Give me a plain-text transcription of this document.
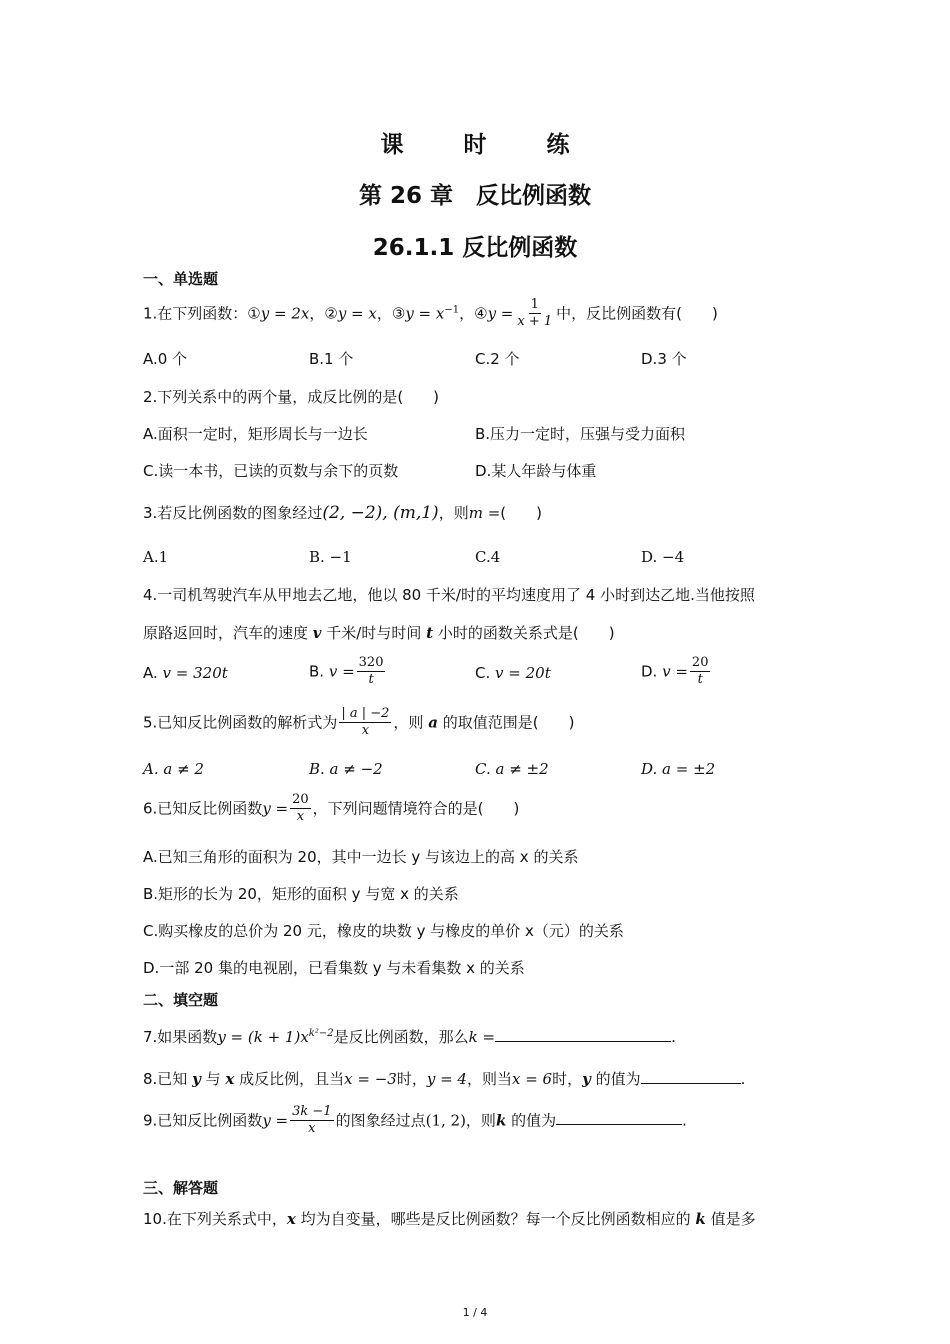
课 时 练
第 26 章　反比例函数
26.1.1 反比例函数
一、单选题
1.在下列函数：①y = 2x，②y = x，③y = $x^{-1}$，④y = $\frac{1}{x + 1}$ 中，反比例函数有(　　)
A.0 个	B.1 个	C.2 个	D.3 个
2.下列关系中的两个量，成反比例的是(　　)
A.面积一定时，矩形周长与一边长	B.压力一定时，压强与受力面积
C.读一本书，已读的页数与余下的页数	D.某人年龄与体重
3.若反比例函数的图象经过(2, −2), (m,1)，则m =(　　)
A.1	B. −1	C.4	D. −4
4.一司机驾驶汽车从甲地去乙地，他以 80 千米/时的平均速度用了 4 小时到达乙地.当他按照
原路返回时，汽车的速度 v 千米/时与时间 t 小时的函数关系式是(　　)
A. v = 320t	B. $v = \frac{320}{t}$	C. v = 20t	D. $v = \frac{20}{t}$
5.已知反比例函数的解析式为 $\frac{| a | -2}{x}$ ，则 a 的取值范围是(　　)
A. a ≠ 2	B. a ≠ −2	C. a ≠ ±2	D. a = ±2
6.已知反比例函数$y = \frac{20}{x}$ ，下列问题情境符合的是(　　)
A.已知三角形的面积为 20，其中一边长 y 与该边上的高 x 的关系
B.矩形的长为 20，矩形的面积 y 与宽 x 的关系
C.购买橡皮的总价为 20 元，橡皮的块数 y 与橡皮的单价 x（元）的关系
D.一部 20 集的电视剧，已看集数 y 与未看集数 x 的关系
二、填空题
7.如果函数$y = (k + 1)x^{k^2-2}$是反比例函数，那么k =	.
8.已知 y 与 x 成反比例，且当x = −3时，y = 4，则当x = 6时，y 的值为	.
9.已知反比例函数$y = \frac{3k -1}{x}$ 的图象经过点(1, 2)，则k 的值为	.
三、解答题
10.在下列关系式中，x 均为自变量，哪些是反比例函数？每一个反比例函数相应的 k 值是多
1 / 4
